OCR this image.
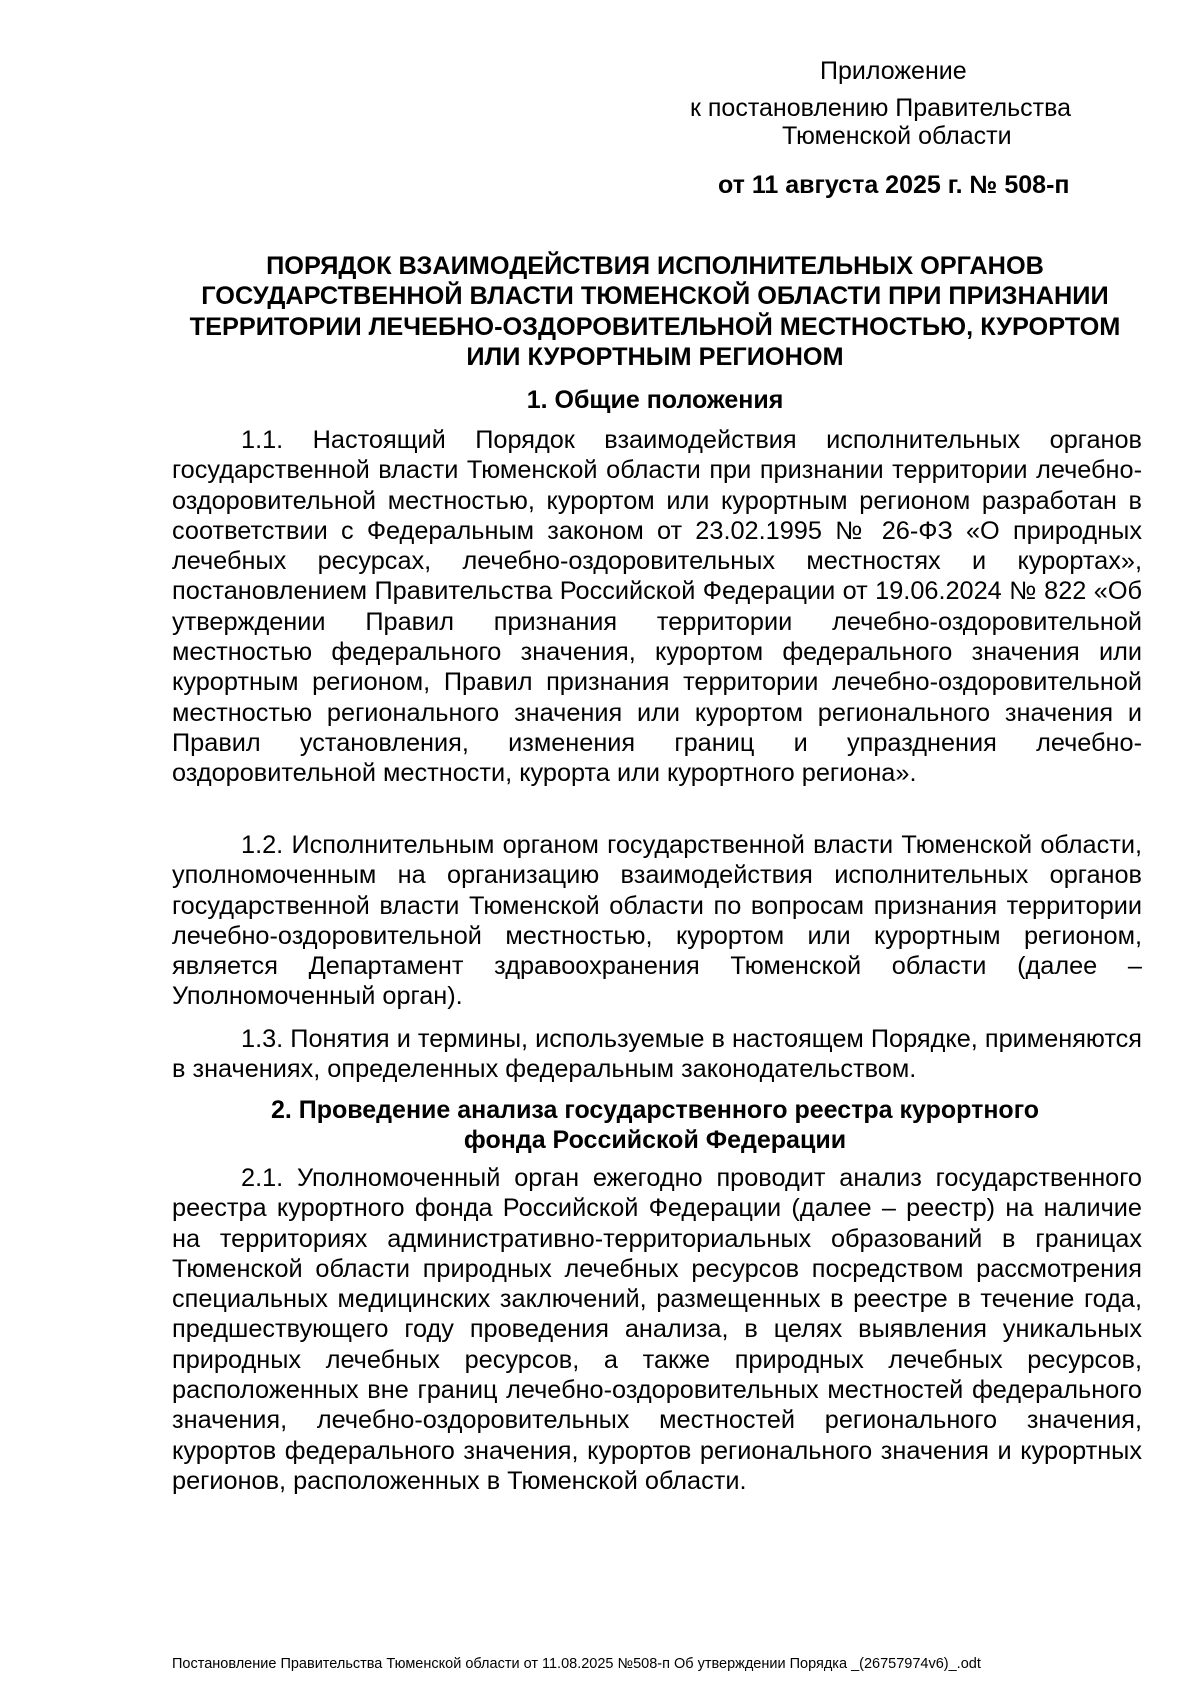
Приложение
к постановлению Правительства
Тюменской области
от 11 августа 2025 г. № 508-п
ПОРЯДОК ВЗАИМОДЕЙСТВИЯ ИСПОЛНИТЕЛЬНЫХ ОРГАНОВ
ГОСУДАРСТВЕННОЙ ВЛАСТИ ТЮМЕНСКОЙ ОБЛАСТИ ПРИ ПРИЗНАНИИ
ТЕРРИТОРИИ ЛЕЧЕБНО-ОЗДОРОВИТЕЛЬНОЙ МЕСТНОСТЬЮ, КУРОРТОМ
ИЛИ КУРОРТНЫМ РЕГИОНОМ
1. Общие положения

1.1. Настоящий Порядок взаимодействия исполнительных органов государственной власти Тюменской области при признании территории лечебно-оздоровительной местностью, курортом или курортным регионом разработан в соответствии с Федеральным законом от 23.02.1995 № 26-ФЗ «О природных лечебных ресурсах, лечебно-оздоровительных местностях и курортах», постановлением Правительства Российской Федерации от 19.06.2024 № 822 «Об утверждении Правил признания территории лечебно-оздоровительной местностью федерального значения, курортом федерального значения или курортным регионом, Правил признания территории лечебно-оздоровительной местностью регионального значения или курортом регионального значения и Правил установления, изменения границ и упразднения лечебно-оздоровительной местности, курорта или курортного региона».

1.2. Исполнительным органом государственной власти Тюменской области, уполномоченным на организацию взаимодействия исполнительных органов государственной власти Тюменской области по вопросам признания территории лечебно-оздоровительной местностью, курортом или курортным регионом, является Департамент здравоохранения Тюменской области (далее – Уполномоченный орган).

1.3. Понятия и термины, используемые в настоящем Порядке, применяются в значениях, определенных федеральным законодательством.

2. Проведение анализа государственного реестра курортного
фонда Российской Федерации

2.1. Уполномоченный орган ежегодно проводит анализ государственного реестра курортного фонда Российской Федерации (далее – реестр) на наличие на территориях административно-территориальных образований в границах Тюменской области природных лечебных ресурсов посредством рассмотрения специальных медицинских заключений, размещенных в реестре в течение года, предшествующего году проведения анализа, в целях выявления уникальных природных лечебных ресурсов, а также природных лечебных ресурсов, расположенных вне границ лечебно-оздоровительных местностей федерального значения, лечебно-оздоровительных местностей регионального значения, курортов федерального значения, курортов регионального значения и курортных регионов, расположенных в Тюменской области.

Постановление Правительства Тюменской области от 11.08.2025 №508-п Об утверждении Порядка _(26757974v6)_.odt
